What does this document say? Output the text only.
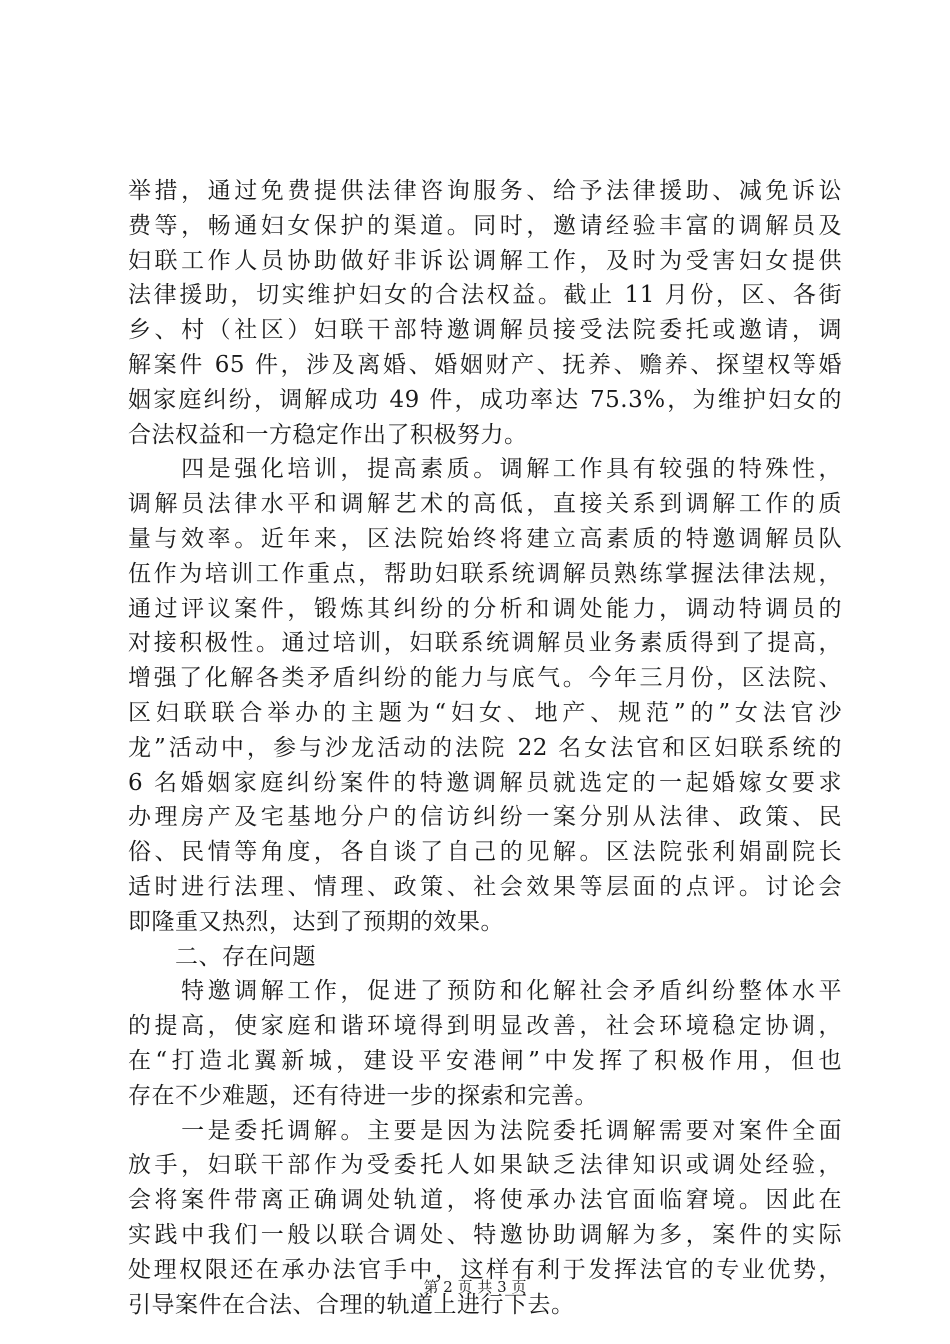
举措，通过免费提供法律咨询服务、给予法律援助、减免诉讼
费等，畅通妇女保护的渠道。同时，邀请经验丰富的调解员及
妇联工作人员协助做好非诉讼调解工作，及时为受害妇女提供
法律援助，切实维护妇女的合法权益。截止 11 月份，区、各街
乡、村（社区）妇联干部特邀调解员接受法院委托或邀请，调
解案件 65 件，涉及离婚、婚姻财产、抚养、赡养、探望权等婚
姻家庭纠纷，调解成功 49 件，成功率达 75.3%，为维护妇女的
合法权益和一方稳定作出了积极努力。
　　四是强化培训，提高素质。调解工作具有较强的特殊性，
调解员法律水平和调解艺术的高低，直接关系到调解工作的质
量与效率。近年来，区法院始终将建立高素质的特邀调解员队
伍作为培训工作重点，帮助妇联系统调解员熟练掌握法律法规，
通过评议案件，锻炼其纠纷的分析和调处能力，调动特调员的
对接积极性。通过培训，妇联系统调解员业务素质得到了提高，
增强了化解各类矛盾纠纷的能力与底气。今年三月份，区法院、
区妇联联合举办的主题为“妇女、地产、规范”的”女法官沙
龙”活动中，参与沙龙活动的法院 22 名女法官和区妇联系统的
6 名婚姻家庭纠纷案件的特邀调解员就选定的一起婚嫁女要求
办理房产及宅基地分户的信访纠纷一案分别从法律、政策、民
俗、民情等角度，各自谈了自己的见解。区法院张利娟副院长
适时进行法理、情理、政策、社会效果等层面的点评。讨论会
即隆重又热烈，达到了预期的效果。
　　二、存在问题
　　特邀调解工作，促进了预防和化解社会矛盾纠纷整体水平
的提高，使家庭和谐环境得到明显改善，社会环境稳定协调，
在“打造北翼新城，建设平安港闸”中发挥了积极作用，但也
存在不少难题，还有待进一步的探索和完善。
　　一是委托调解。主要是因为法院委托调解需要对案件全面
放手，妇联干部作为受委托人如果缺乏法律知识或调处经验，
会将案件带离正确调处轨道，将使承办法官面临窘境。因此在
实践中我们一般以联合调处、特邀协助调解为多，案件的实际
处理权限还在承办法官手中，这样有利于发挥法官的专业优势，
引导案件在合法、合理的轨道上进行下去。
第 2 页 共 3 页
